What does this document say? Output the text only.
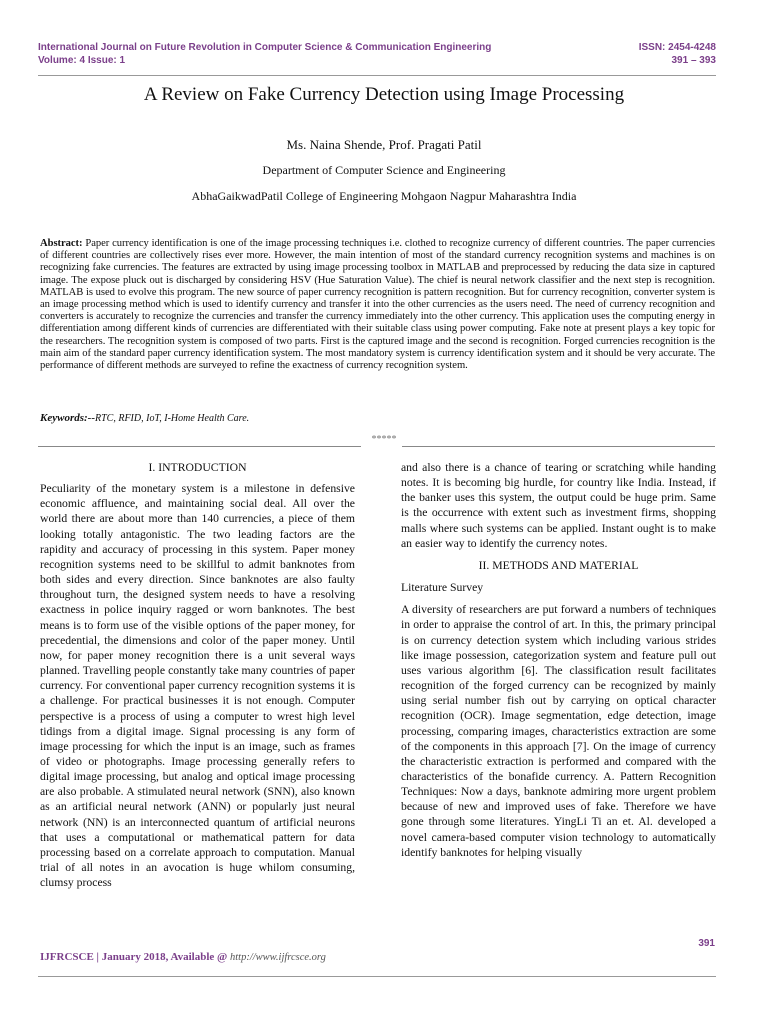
International Journal on Future Revolution in Computer Science & Communication Engineering
Volume: 4 Issue: 1
ISSN: 2454-4248
391 – 393
A Review on Fake Currency Detection using Image Processing
Ms. Naina Shende, Prof. Pragati Patil
Department of Computer Science and Engineering
AbhaGaikwadPatil College of Engineering Mohgaon Nagpur Maharashtra India
Abstract: Paper currency identification is one of the image processing techniques i.e. clothed to recognize currency of different countries. The paper currencies of different countries are collectively rises ever more. However, the main intention of most of the standard currency recognition systems and machines is on recognizing fake currencies. The features are extracted by using image processing toolbox in MATLAB and preprocessed by reducing the data size in captured image. The expose pluck out is discharged by considering HSV (Hue Saturation Value). The chief is neural network classifier and the next step is recognition. MATLAB is used to evolve this program. The new source of paper currency recognition is pattern recognition. But for currency recognition, converter system is an image processing method which is used to identify currency and transfer it into the other currencies as the users need. The need of currency recognition and converters is accurately to recognize the currencies and transfer the currency immediately into the other currency. This application uses the computing energy in differentiation among different kinds of currencies are differentiated with their suitable class using power computing. Fake note at present plays a key topic for the researchers. The recognition system is composed of two parts. First is the captured image and the second is recognition. Forged currencies recognition is the main aim of the standard paper currency identification system. The most mandatory system is currency identification system and it should be very accurate. The performance of different methods are surveyed to refine the exactness of currency recognition system.
Keywords:--RTC, RFID, IoT, I-Home Health Care.
*****

I. INTRODUCTION

Peculiarity of the monetary system is a milestone in defensive economic affluence, and maintaining social deal. All over the world there are about more than 140 currencies, a piece of them looking totally antagonistic. The two leading factors are the rapidity and accuracy of processing in this system. Paper money recognition systems need to be skillful to admit banknotes from both sides and every direction. Since banknotes are also faulty throughout turn, the designed system needs to have a resolving exactness in police inquiry ragged or worn banknotes. The best means is to form use of the visible options of the paper money, for precedential, the dimensions and color of the paper money. Until now, for paper money recognition there is a unit several ways planned. Travelling people constantly take many countries of paper currency. For conventional paper currency recognition systems it is a challenge. For practical businesses it is not enough. Computer perspective is a process of using a computer to wrest high level tidings from a digital image. Signal processing is any form of image processing for which the input is an image, such as frames of video or photographs. Image processing generally refers to digital image processing, but analog and optical image processing are also probable. A stimulated neural network (SNN), also known as an artificial neural network (ANN) or popularly just neural network (NN) is an interconnected quantum of artificial neurons that uses a computational or mathematical pattern for data processing based on a correlate approach to computation. Manual trial of all notes in an avocation is huge whilom consuming, clumsy process

and also there is a chance of tearing or scratching while handing notes. It is becoming big hurdle, for country like India. Instead, if the banker uses this system, the output could be huge prim. Same is the occurrence with extent such as investment firms, shopping malls where such systems can be applied. Instant ought is to make an easier way to identify the currency notes.

II. METHODS AND MATERIAL

Literature Survey

A diversity of researchers are put forward a numbers of techniques in order to appraise the control of art. In this, the primary principal is on currency detection system which including various strides like image possession, categorization system and feature pull out uses various algorithm [6]. The classification result facilitates recognition of the forged currency can be recognized by mainly using serial number fish out by carrying on optical character recognition (OCR). Image segmentation, edge detection, image processing, comparing images, characteristics extraction are some of the components in this approach [7]. On the image of currency the characteristic extraction is performed and compared with the characteristics of the bonafide currency. A. Pattern Recognition Techniques: Now a days, banknote admiring more urgent problem because of new and improved uses of fake. Therefore we have gone through some literatures. YingLi Ti an et. Al. developed a novel camera-based computer vision technology to automatically identify banknotes for helping visually

391
IJFRCSCE | January 2018, Available @ http://www.ijfrcsce.org
